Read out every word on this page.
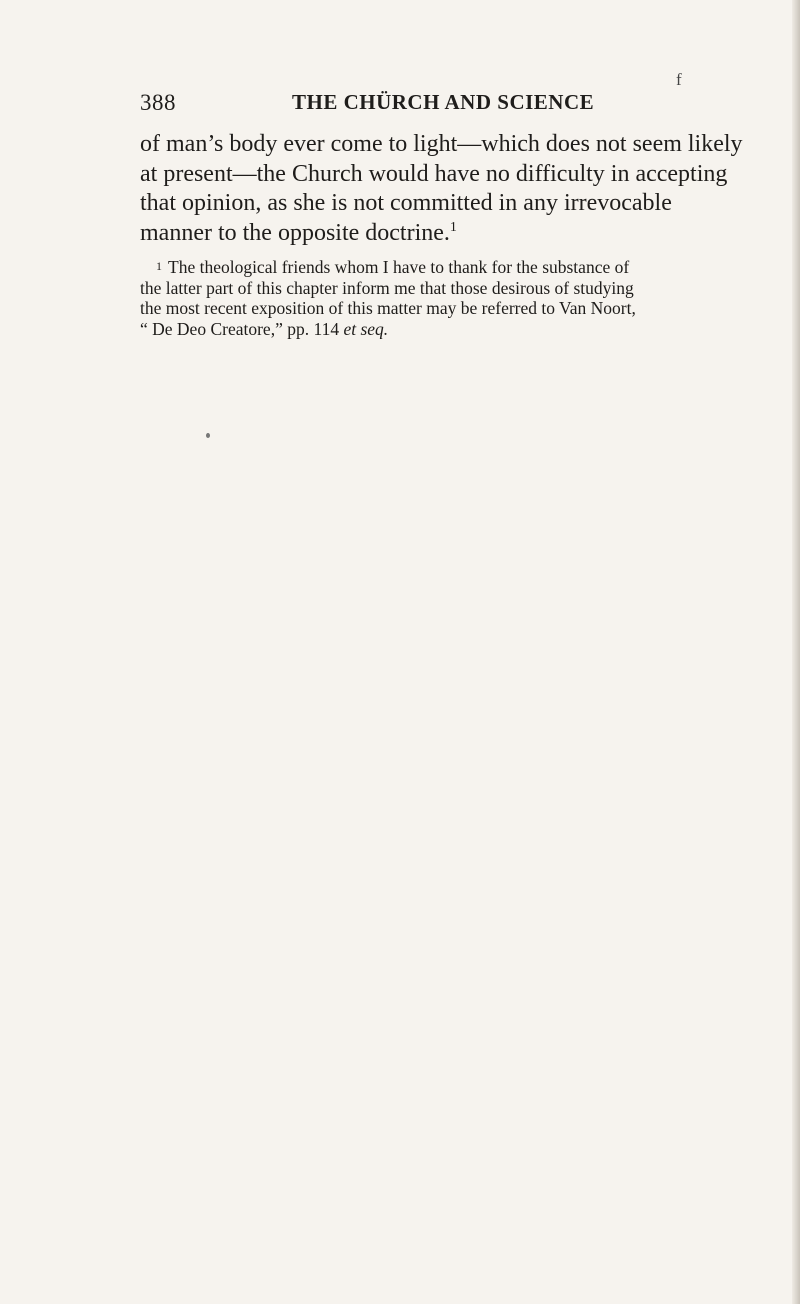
f
388	THE CHÜRCH AND SCIENCE

of man’s body ever come to light—which does not seem likely
at present—the Church would have no difficulty in accepting
that opinion, as she is not committed in any irrevocable
manner to the opposite doctrine.$^1$

1 The theological friends whom I have to thank for the substance of
the latter part of this chapter inform me that those desirous of studying
the most recent exposition of this matter may be referred to Van Noort,
“ De Deo Creatore,” pp. 114 et seq.
